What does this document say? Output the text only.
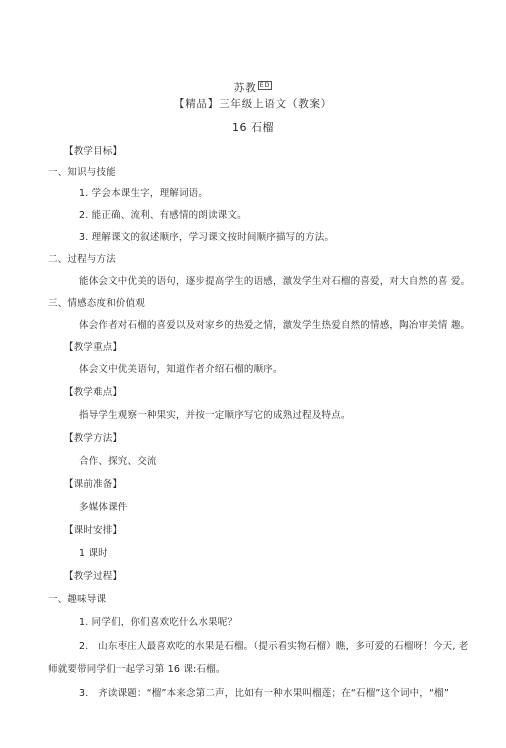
苏教 $^{ED}$
【精品】三年级上语文（教案）
16 石榴
【教学目标】
一、知识与技能
1. 学会本课生字，理解词语。
2. 能正确、流利、有感情的朗读课文。
3. 理解课文的叙述顺序，学习课文按时间顺序描写的方法。
二、过程与方法
能体会文中优美的语句，逐步提高学生的语感，激发学生对石榴的喜爱，对大自然的喜 爱。
三、情感态度和价值观
体会作者对石榴的喜爱以及对家乡的热爱之情，激发学生热爱自然的情感，陶冶审美情 趣。
【教学重点】
体会文中优美语句，知道作者介绍石榴的顺序。
【教学难点】
指导学生观察一种果实，并按一定顺序写它的成熟过程及特点。
【教学方法】
合作、探究、交流
【课前准备】
多媒体课件
【课时安排】
1 课时
【教学过程】
一、趣味导课
1. 同学们，你们喜欢吃什么水果呢？
2.　山东枣庄人最喜欢吃的水果是石榴。（提示看实物石榴）瞧，多可爱的石榴呀！今天, 老
师就要带同学们一起学习第 16 课:石榴。
3.　齐读课题：“榴”本来念第二声，比如有一种水果叫榴莲；在“石榴”这个词中，“榴”
